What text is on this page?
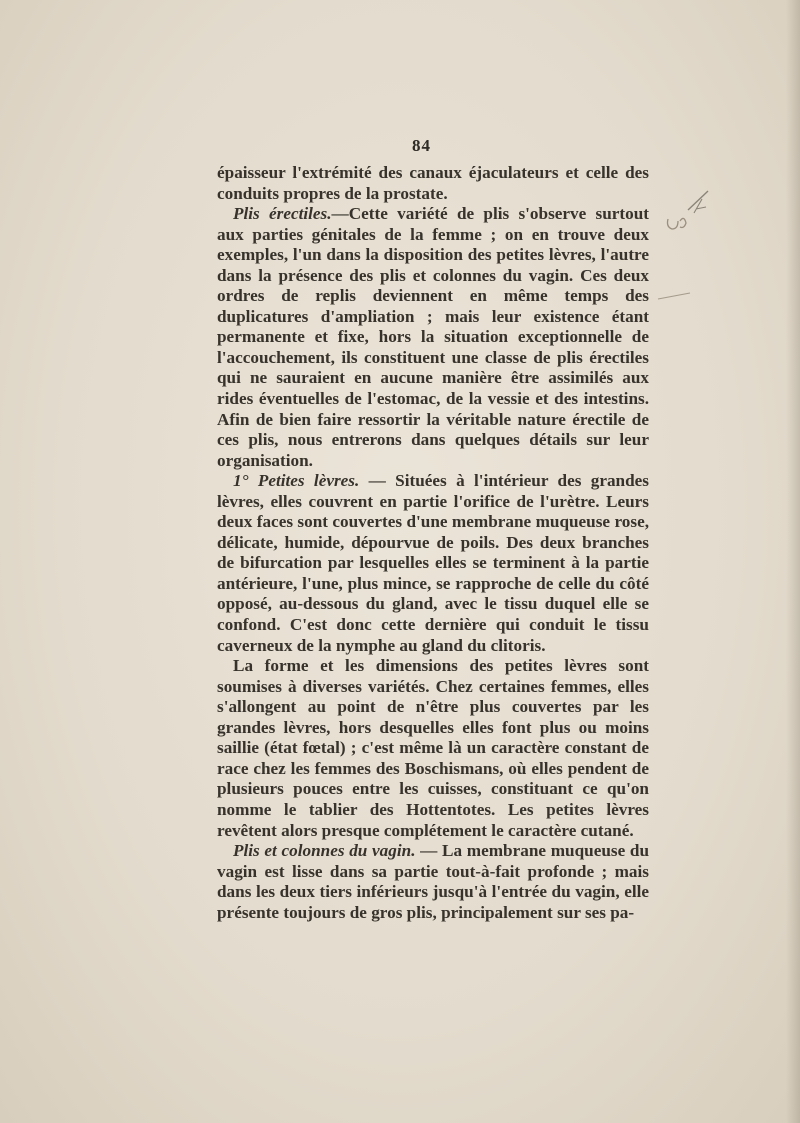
84

épaisseur l'extrémité des canaux éjaculateurs et celle des conduits propres de la prostate.

Plis érectiles.—Cette variété de plis s'observe surtout aux parties génitales de la femme ; on en trouve deux exemples, l'un dans la disposition des petites lèvres, l'autre dans la présence des plis et colonnes du vagin. Ces deux ordres de replis deviennent en même temps des duplicatures d'ampliation ; mais leur existence étant permanente et fixe, hors la situation exceptionnelle de l'accouchement, ils constituent une classe de plis érectiles qui ne sauraient en aucune manière être assimilés aux rides éventuelles de l'estomac, de la vessie et des intestins. Afin de bien faire ressortir la véritable nature érectile de ces plis, nous entrerons dans quelques détails sur leur organisation.

1° Petites lèvres. — Situées à l'intérieur des grandes lèvres, elles couvrent en partie l'orifice de l'urètre. Leurs deux faces sont couvertes d'une membrane muqueuse rose, délicate, humide, dépourvue de poils. Des deux branches de bifurcation par lesquelles elles se terminent à la partie antérieure, l'une, plus mince, se rapproche de celle du côté opposé, au-dessous du gland, avec le tissu duquel elle se confond. C'est donc cette dernière qui conduit le tissu caverneux de la nymphe au gland du clitoris.

La forme et les dimensions des petites lèvres sont soumises à diverses variétés. Chez certaines femmes, elles s'allongent au point de n'être plus couvertes par les grandes lèvres, hors desquelles elles font plus ou moins saillie (état fœtal) ; c'est même là un caractère constant de race chez les femmes des Boschismans, où elles pendent de plusieurs pouces entre les cuisses, constituant ce qu'on nomme le tablier des Hottentotes. Les petites lèvres revêtent alors presque complétement le caractère cutané.

Plis et colonnes du vagin. — La membrane muqueuse du vagin est lisse dans sa partie tout-à-fait profonde ; mais dans les deux tiers inférieurs jusqu'à l'entrée du vagin, elle présente toujours de gros plis, principalement sur ses pa-
